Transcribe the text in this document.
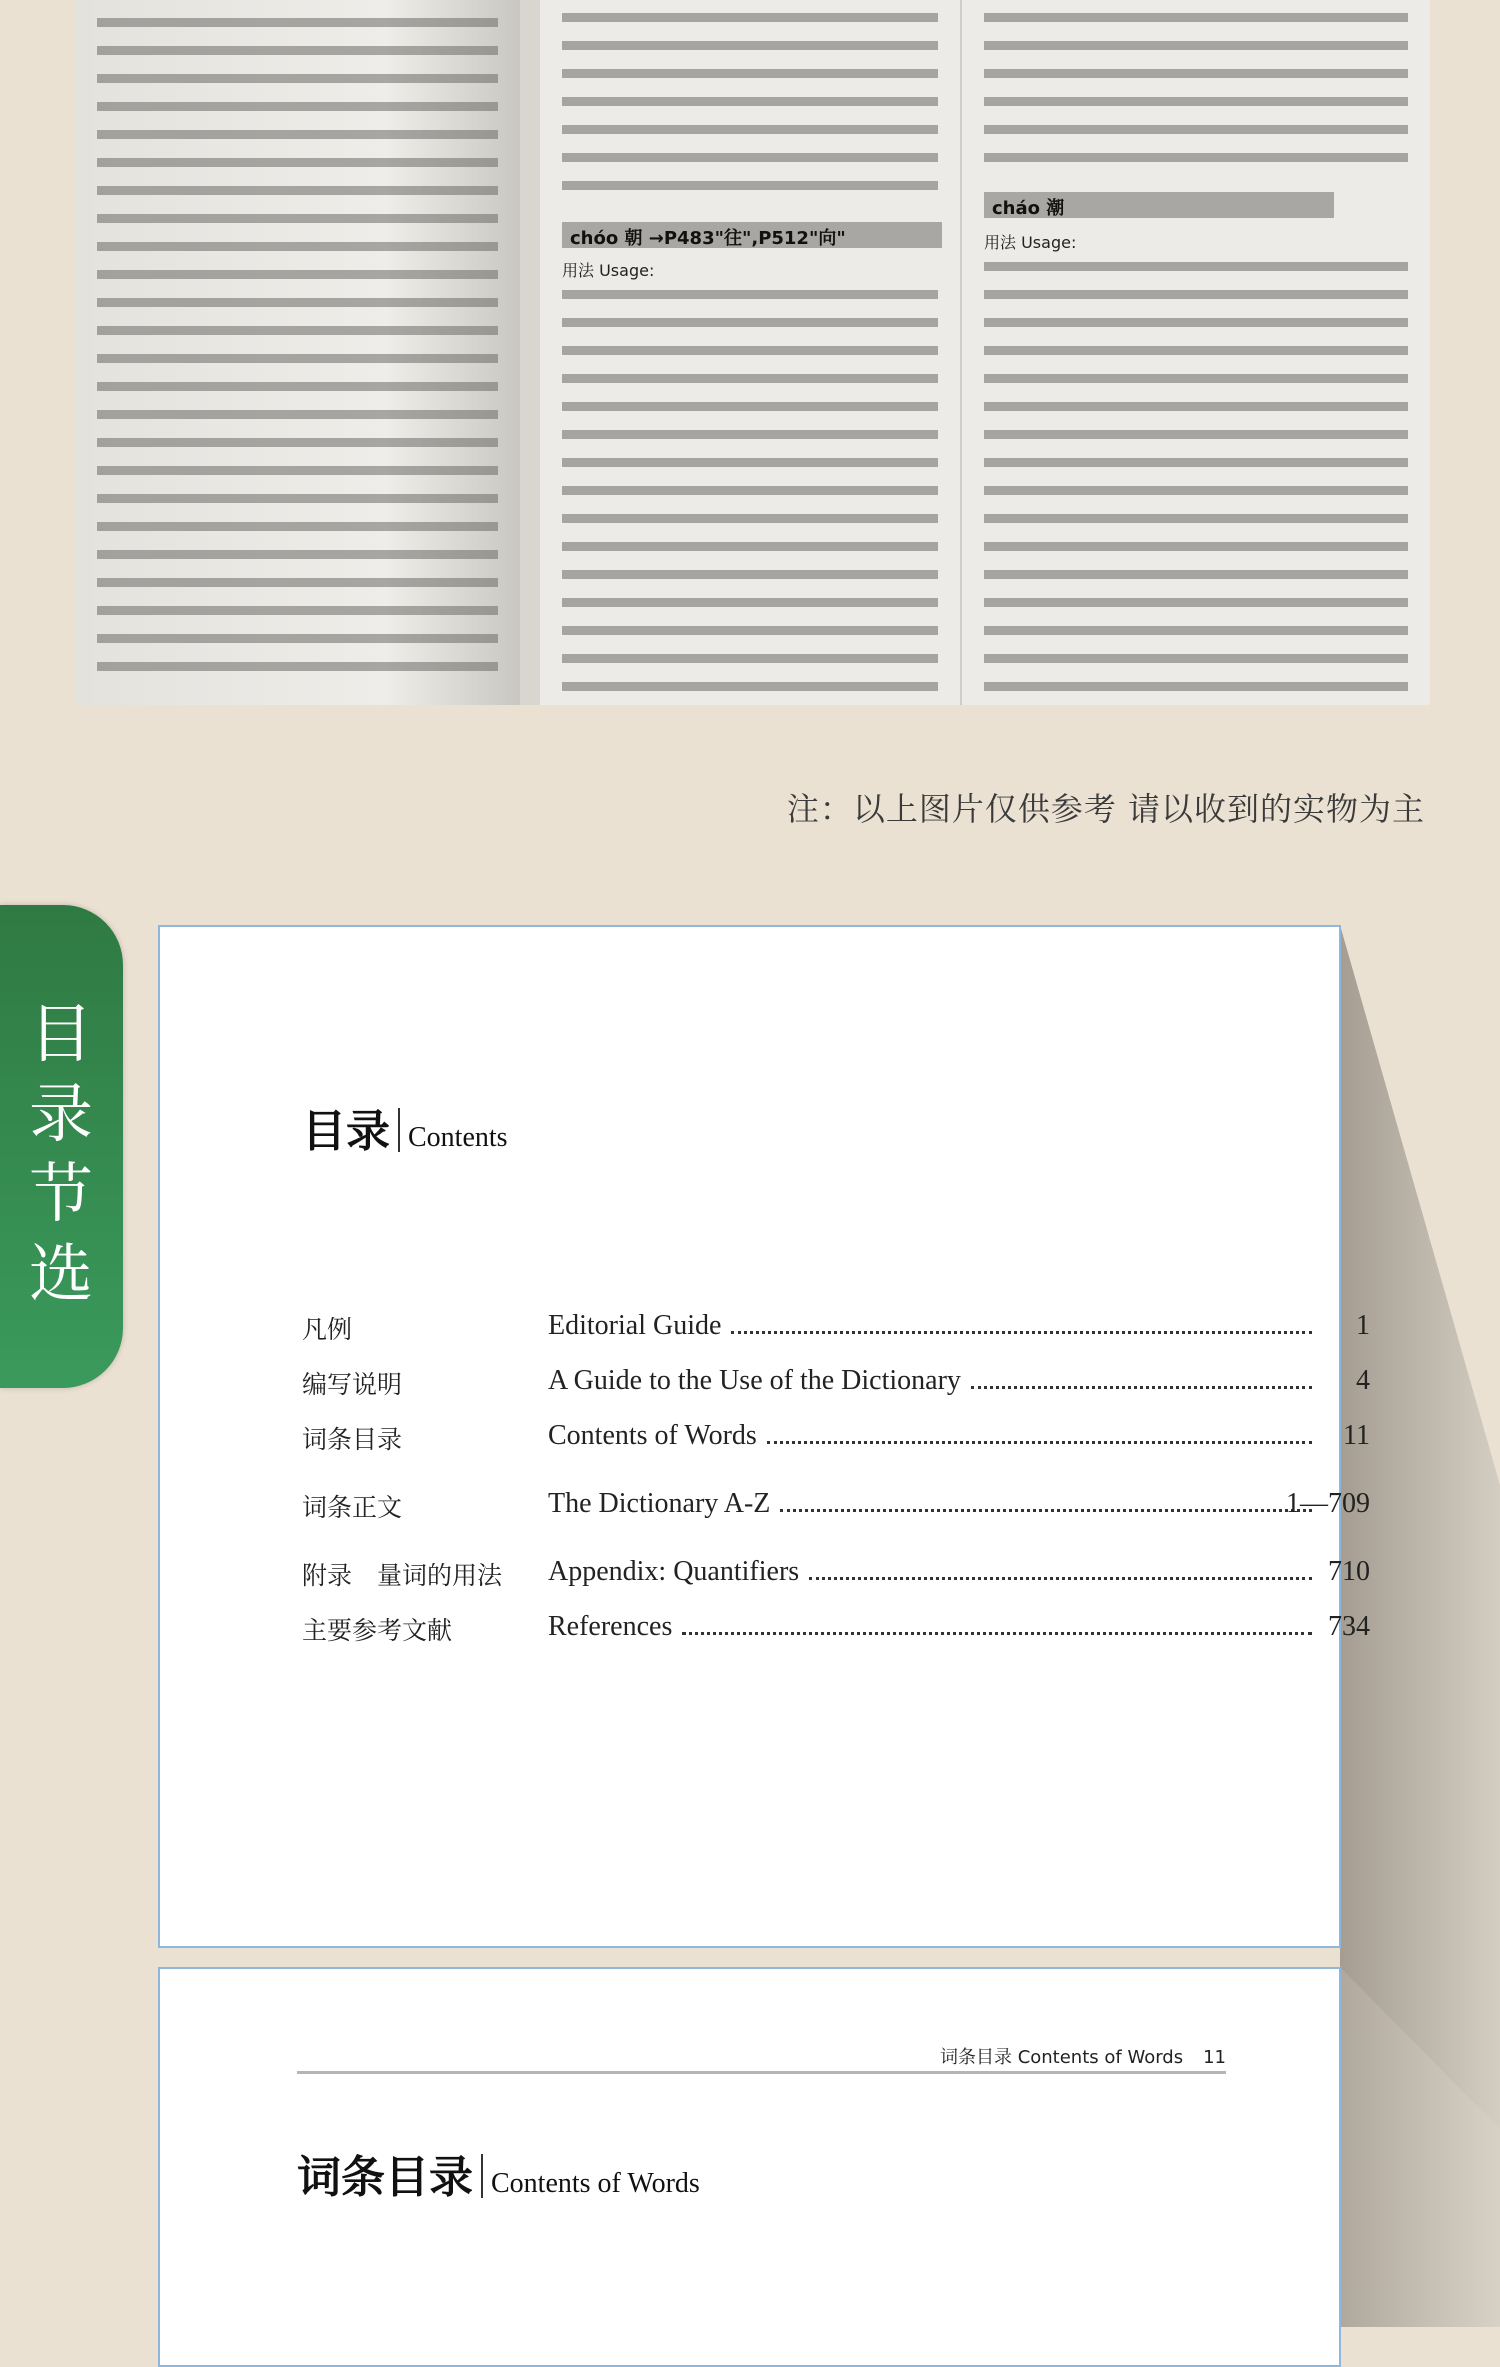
chóo 朝 →P483"往",P512"向"
用法 Usage:
cháo 潮
用法 Usage:
注：以上图片仅供参考 请以收到的实物为主
目录节选
目录 Contents
凡例	Editorial Guide	1
编写说明	A Guide to the Use of the Dictionary	4
词条目录	Contents of Words	11
词条正文	The Dictionary A-Z	1—709
附录　量词的用法 Appendix: Quantifiers	710
主要参考文献	References	734
词条目录 Contents of Words 11
词条目录 Contents of Words
